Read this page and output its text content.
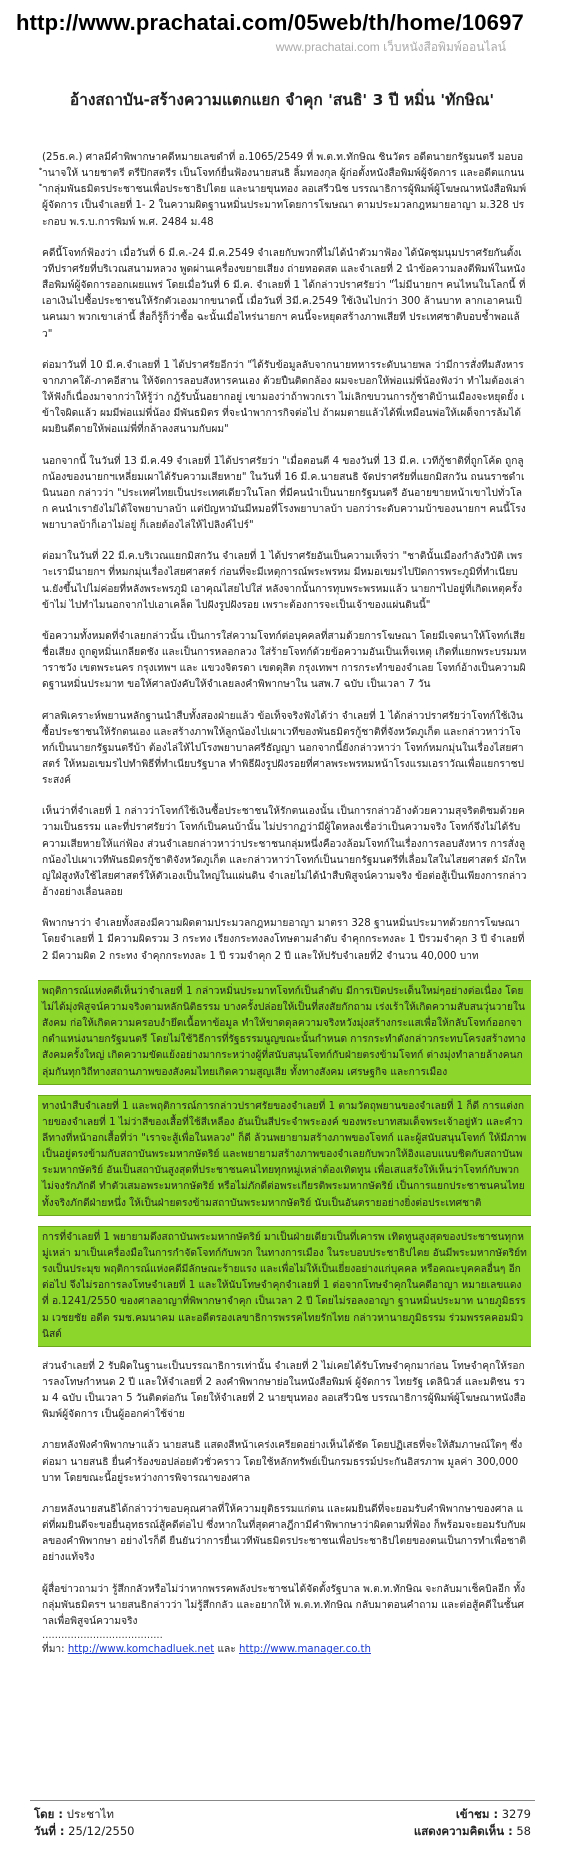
http://www.prachatai.com/05web/th/home/10697
www.prachatai.com เว็บหนังสือพิมพ์ออนไลน์
อ้างสถาบัน-สร้างความแตกแยก จำคุก 'สนธิ' 3 ปี หมิ่น 'ทักษิณ'

(25ธ.ค.) ศาลมีคำพิพากษาคดีหมายเลขดำที่ อ.1065/2549 ที่ พ.ต.ท.ทักษิณ ชินวัตร อดีตนายกรัฐมนตรี มอบอำนาจให้ นายชาตรี ตรีปิกสตรีร เป็นโจทก์ยื่นฟ้องนายสนธิ ลิ้มทองกุล ผู้ก่อตั้งหนังสือพิมพ์ผู้จัดการ และอดีตแกนนำกลุ่มพันธมิตรประชาชนเพื่อประชาธิปไตย และนายขุนทอง ลอเสรีวนิช บรรณาธิการผู้พิมพ์ผู้โฆษณาหนังสือพิมพ์ผู้จัดการ เป็นจำเลยที่ 1- 2 ในความผิดฐานหมิ่นประมาทโดยการโฆษณา ตามประมวลกฎหมายอาญา ม.328 ประกอบ พ.ร.บ.การพิมพ์ พ.ศ. 2484 ม.48

คดีนี้โจทก์ฟ้องว่า เมื่อวันที่ 6 มี.ค.-24 มี.ค.2549 จำเลยกับพวกที่ไม่ได้นำตัวมาฟ้อง ได้นัดชุมนุมปราศรัยกันตั้งเวทีปราศรัยที่บริเวณสนามหลวง พูดผ่านเครื่องขยายเสียง ถ่ายทอดสด และจำเลยที่ 2 นำข้อความลงตีพิมพ์ในหนังสือพิมพ์ผู้จัดการออกเผยแพร่ โดยเมื่อวันที่ 6 มี.ค. จำเลยที่ 1 ได้กล่าวปราศรัยว่า "ไม่มีนายกฯ คนไหนในโลกนี้ ที่เอาเงินไปซื้อประชาชนให้รักตัวเองมากขนาดนี้ เมื่อวันที่ 3มี.ค.2549 ใช้เงินไปกว่า 300 ล้านบาท ลากเอาคนเป็นคนมา พวกเขาเล่านี้ สื่อก็รู้ก็ว่าซื้อ ฉะนั้นเมื่อไหร่นายกฯ คนนี้จะหยุดสร้างภาพเสียที ประเทศชาติบอบช้ำพอแล้ว"

ต่อมาวันที่ 10 มี.ค.จำเลยที่ 1 ได้ปราศรัยอีกว่า "ได้รับข้อมูลลับจากนายทหารระดับนายพล ว่ามีการสั่งทีมสังหารจากภาคใต้-ภาคอีสาน ให้จัดการลอบสังหารคนเอง ด้วยปืนติดกล้อง ผมจะบอกให้พ่อแม่พี่น้องฟังว่า ทำไมต้องเล่าให้ฟังก็เนื่องมาจากว่าให้รู้ว่า กฎ้รับนั้นอยากอยู่ เขามองว่าถ้าพวกเรา ไม่เลิกขบวนการกู้ชาติบ้านเมืองจะหยุดยั้ง เข้าใจผิดแล้ว ผมมีพ่อแม่พี่น้อง มีพันธมิตร ที่จะนำพาการกิจต่อไป ถ้าผมตายแล้วได้พี่เหมือนพ่อให้เผด็จการล้มได้ ผมยินดีตายให้พ่อแม่พี่ที่กล้าลงสนามกับผม"

นอกจากนี้ ในวันที่ 13 มี.ค.49 จำเลยที่ 1ได้ปราศรัยว่า "เมื่อตอนตี 4 ของวันที่ 13 มี.ค. เวทีกู้ชาติที่ถูกโค้ด ถูกลูกน้องของนายกฯเหลี่ยมเผาได้รับความเสียหาย" ในวันที่ 16 มี.ค.นายสนธิ จัดปราศรัยที่แยกมิสกวัน ถนนราชดำเนินนอก กล่าวว่า "ประเทศไทยเป็นประเทศเดียวในโลก ที่มีคนนำเป็นนายกรัฐมนตรี อันอายขายหน้าเขาไปทั่วโลก คนนำเรายังไม่ได้ใจพยาบาลบ้า แต่ปัญหามันมีหมอที่โรงพยาบาลบ้า บอกว่าระดับความบ้าของนายกฯ คนนี้โรงพยาบาลบ้าก็เอาไม่อยู่ ก็เลยต้องไล่ให้ไปลิงค์ไปร์"

ต่อมาในวันที่ 22 มี.ค.บริเวณแยกมิสกวัน จำเลยที่ 1 ได้ปราศรัยอันเป็นความเท็จว่า "ชาตินั้นเมืองกำลังวิบัติ เพราะเรามีนายกฯ ที่หมกมุ่นเรื่องไสยศาสตร์ ก่อนที่จะมีเหตุการณ์พระพรหม มีหมอเขมรไปปิดการพระภูมิที่ทำเนียบน.ยังขึ้นไปไม่ค่อยที่หลังพระพรภูมิ เอาคุณไสยไปใส่ หลังจากนั้นการทุบพระพรหมแล้ว นายกฯไปอยู่ที่เกิดเหตุครั้งข้าไม่ ไปทำไมนอกจากไปเอาเคล็ด ไปฝังรูปฝังรอย เพราะต้องการจะเป็นเจ้าของแผ่นดินนี้"

ข้อความทั้งหมดที่จำเลยกล่าวนั้น เป็นการใส่ความโจทก์ต่อบุคคลที่สามด้วยการโฆษณา โดยมีเจตนาให้โจทก์เสียชื่อเสียง ถูกดูหมิ่นเกลียดชัง และเป็นการหลอกลวง ใส่ร้ายโจทก์ด้วยข้อความอันเป็นเท็จเหตุ เกิดที่แยกพระบรมมหาราชวัง เขตพระนคร กรุงเทพฯ และ แขวงจิตรดา เขตดุสิต กรุงเทพฯ การกระทำของจำเลย โจทก์อ้างเป็นความผิดฐานหมิ่นประมาท ขอให้ศาลบังคับให้จำเลยลงคำพิพากษาใน นสพ.7 ฉบับ เป็นเวลา 7 วัน

ศาลพิเคราะห์พยานหลักฐานนำสืบทั้งสองฝ่ายแล้ว ข้อเท็จจริงฟังได้ว่า จำเลยที่ 1 ได้กล่าวปราศรัยว่าโจทก์ใช้เงินซื้อประชาชนให้รักตนเอง และสร้างภาพให้ลูกน้องไปเผาเวทีของพันธมิตรกู้ชาติที่จังหวัดภูเก็ต และกล่าวหาว่าโจทก์เป็นนายกรัฐมนตรีบ้า ต้องไล่ให้ไปโรงพยาบาลศรีธัญญา นอกจากนี้ยังกล่าวหาว่า โจทก์หมกมุ่นในเรื่องไสยศาสตร์ ให้หมอเขมรไปทำพิธีที่ทำเนียบรัฐบาล ทำพิธีฝังรูปฝังรอยที่ศาลพระพรหมหน้าโรงแรมเอราวัณเพื่อแยกราชประสงค์

เห็นว่าที่จำเลยที่ 1 กล่าวว่าโจทก์ใช้เงินซื้อประชาชนให้รักตนเองนั้น เป็นการกล่าวอ้างด้วยความสุจริตติชมด้วยความเป็นธรรม และที่ปราศรัยว่า โจทก์เป็นคนบ้านั้น ไม่ปรากฏว่ามีผู้ใดหลงเชื่อว่าเป็นความจริง โจทก์จึงไม่ได้รับความเสียหายให้แก่ฟ้อง ส่วนจำเลยกล่าวหาว่าประชาชนกลุ่มหนึ่งคือวงล้อมโจทก์ในเรื่องการลอบสังหาร การสั่งลูกน้องไปเผาเวทีพันธมิตรกู้ชาติจังหวัดภูเก็ต และกล่าวหาว่าโจทก์เป็นนายกรัฐมนตรีที่เลื่อมใสในไสยศาสตร์ มักใหญ่ใฝ่สูงหังใช้ไสยศาสตร์ให้ตัวเองเป็นใหญ่ในแผ่นดิน จำเลยไม่ได้นำสืบพิสูจน์ความจริง ข้อต่อสู้เป็นเพียงการกล่าวอ้างอย่างเลื่อนลอย

พิพากษาว่า จำเลยทั้งสองมีความผิดตามประมวลกฎหมายอาญา มาตรา 328 ฐานหมิ่นประมาทด้วยการโฆษณา โดยจำเลยที่ 1 มีความผิดรวม 3 กระทง เรียงกระทงลงโทษตามลำดับ จำคุกกระทงละ 1 ปีรวมจำคุก 3 ปี จำเลยที่ 2 มีความผิด 2 กระทง จำคุกกระทงละ 1 ปี รวมจำคุก 2 ปี และให้ปรับจำเลยที่2 จำนวน 40,000 บาท

พฤติการณ์แห่งคดีเห็นว่าจำเลยที่ 1 กล่าวหมิ่นประมาทโจทก์เป็นลำดับ มีการเปิดประเด็นใหม่ๆอย่างต่อเนื่อง โดยไม่ได้มุ่งพิสูจน์ความจริงตามหลักนิติธรรม บางครั้งปล่อยให้เป็นที่สงสัยกักถาม เร่งเร้าให้เกิดความสับสนวุ่นวายในสังคม ก่อให้เกิดความครอบงำยึดเนื้อหาข้อมูล ทำให้ขาดดุลความจริงหวังมุ่งสร้างกระแสเพื่อให้กลับโจทก์ออกจากตำแหน่งนายกรัฐมนตรี โดยไม่ใช้วิธีการที่รัฐธรรมนูญขณะนั้นกำหนด การกระทำดังกล่าวกระทบโครงสร้างทางสังคมครั้งใหญ่ เกิดความขัดแย้งอย่างมากระหว่างผู้ที่สนับสนุนโจทก์กับฝ่ายตรงข้ามโจทก์ ต่างมุ่งทำลายล้างคนกลุ่มกันทุกวิถีทางสถานภาพของสังคมไทยเกิดความสูญเสีย ทั้งทางสังคม เศรษฐกิจ และการเมือง

ทางนำสืบจำเลยที่ 1 และพฤติการณ์การกล่าวปราศรัยของจำเลยที่ 1 ตามวัตถุพยานของจำเลยที่ 1 ก็ดี การแต่งกายของจำเลยที่ 1 ไม่ว่าสีของเสื้อที่ใช้สีเหลือง อันเป็นสีประจำพระองค์ ของพระบาทสมเด็จพระเจ้าอยู่หัว และคำวลีทางที่หน้าอกเสื้อที่ว่า "เราจะสู้เพื่อในหลวง" ก็ดี ล้วนพยายามสร้างภาพของโจทก์ และผู้สนับสนุนโจทก์ ให้มีภาพเป็นอยู่ตรงข้ามกับสถาบันพระมหากษัตริย์ และพยายามสร้างภาพของจำเลยกับพวกให้อิงแอบแนบชิดกับสถาบันพระมหากษัตริย์ อันเป็นสถาบันสูงสุดที่ประชาชนคนไทยทุกหมู่เหล่าต้องเทิดทูน เพื่อเสแสร้งให้เห็นว่าโจทก์กับพวก ไม่จงรักภักดี ทำตัวเสมอพระมหากษัตริย์ หรือไม่ภักดีต่อพระเกียรติพระมหากษัตริย์ เป็นการแยกประชาชนคนไทยทั้งจริงภักดีฝ่ายหนึ่ง ให้เป็นฝ่ายตรงข้ามสถาบันพระมหากษัตริย์ นับเป็นอันตรายอย่างยิ่งต่อประเทศชาติ

การที่จำเลยที่ 1 พยายามดึงสถาบันพระมหากษัตริย์ มาเป็นฝ่ายเดียวเป็นที่เคารพ เทิดทูนสูงสุดของประชาชนทุกหมู่เหล่า มาเป็นเครื่องมือในการกำจัดโจทก์กับพวก ในทางการเมือง ในระบอบประชาธิปไตย อันมีพระมหากษัตริย์ทรงเป็นประมุข พฤติการณ์แห่งคดีมีลักษณะร้ายแรง และเพื่อไม่ให้เป็นเยี่ยงอย่างแก่บุคคล หรือคณะบุคคลอื่นๆ อีกต่อไป จึงไม่รอการลงโทษจำเลยที่ 1 และให้นับโทษจำคุกจำเลยที่ 1 ต่อจากโทษจำคุกในคดีอาญา หมายเลขแดงที่ อ.1241/2550 ของศาลอาญาที่พิพากษาจำคุก เป็นเวลา 2 ปี โดยไม่รอลงอาญา ฐานหมิ่นประมาท นายภูมิธรรม เวชยชัย อดีต รมช.คมนาคม และอดีตรองเลขาธิการพรรคไทยรักไทย กล่าวหานายภูมิธรรม ร่วมพรรคคอมมิวนิสต์

ส่วนจำเลยที่ 2 รับผิดในฐานะเป็นบรรณาธิการเท่านั้น จำเลยที่ 2 ไม่เคยได้รับโทษจำคุกมาก่อน โทษจำคุกให้รอการลงโทษกำหนด 2 ปี และให้จำเลยที่ 2 ลงคำพิพากษาย่อในหนังสือพิมพ์ ผู้จัดการ ไทยรัฐ เดลินิวส์ และมติชน รวม 4 ฉบับ เป็นเวลา 5 วันติดต่อกัน โดยให้จำเลยที่ 2 นายขุนทอง ลอเสรีวนิช บรรณาธิการผู้พิมพ์ผู้โฆษณาหนังสือพิมพ์ผู้จัดการ เป็นผู้ออกค่าใช้จ่าย

ภายหลังฟังคำพิพากษาแล้ว นายสนธิ แสดงสีหน้าเคร่งเครียดอย่างเห็นได้ชัด โดยปฏิเสธที่จะให้สัมภาษณ์ใดๆ ซึ่งต่อมา นายสนธิ ยื่นคำร้องขอปล่อยตัวชั่วคราว โดยใช้หลักทรัพย์เป็นกรมธรรม์ประกันอิสรภาพ มูลค่า 300,000 บาท โดยขณะนี้อยู่ระหว่างการพิจารณาของศาล

ภายหลังนายสนธิได้กล่าวว่าขอบคุณศาลที่ให้ความยุติธรรมแก่ตน และผมยินดีที่จะยอมรับคำพิพากษาของศาล แต่ที่ผมยินดีจะขอยื่นอุทธรณ์สู้คดีต่อไป ซึ่งหากในที่สุดศาลฎีกามีคำพิพากษาว่าผิดตามที่ฟ้อง ก็พร้อมจะยอมรับกับผลของคำพิพากษา อย่างไรก็ดี ยืนยันว่าการยื่นเวทีพันธมิตรประชาชนเพื่อประชาธิปไตยของตนเป็นการทำเพื่อชาติอย่างแท้จริง

ผู้สื่อข่าวถามว่า รู้สึกกลัวหรือไม่ว่าหากพรรคพลังประชาชนได้จัดตั้งรัฐบาล พ.ต.ท.ทักษิณ จะกลับมาเช็คบิลอีก ทั้งกลุ่มพันธมิตรฯ นายสนธิกล่าวว่า ไม่รู้สึกกลัว และอยากให้ พ.ต.ท.ทักษิณ กลับมาตอนคำถาม และต่อสู้คดีในชั้นศาลเพื่อพิสูจน์ความจริง

......................................
ที่มา: http://www.komchadluek.net และ http://www.manager.co.th
โดย : ประชาไท
วันที่ : 25/12/2550
เข้าชม : 3279
แสดงความคิดเห็น : 58
